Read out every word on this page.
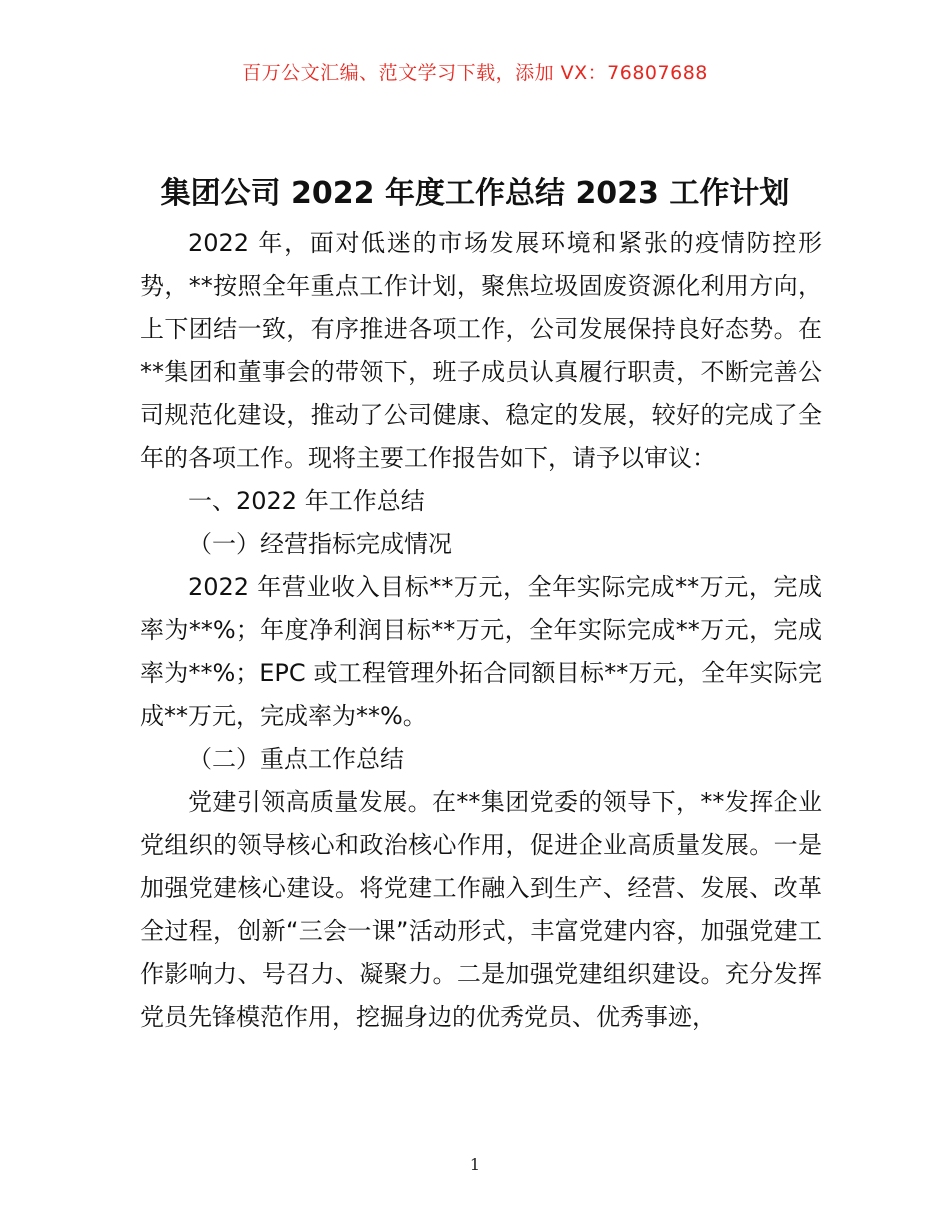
百万公文汇编、范文学习下载，添加 VX：76807688
集团公司 2022 年度工作总结 2023 工作计划

2022 年，面对低迷的市场发展环境和紧张的疫情防控形势，**按照全年重点工作计划，聚焦垃圾固废资源化利用方向，上下团结一致，有序推进各项工作，公司发展保持良好态势。在**集团和董事会的带领下，班子成员认真履行职责，不断完善公司规范化建设，推动了公司健康、稳定的发展，较好的完成了全年的各项工作。现将主要工作报告如下，请予以审议：

一、2022 年工作总结

（一）经营指标完成情况

2022 年营业收入目标**万元，全年实际完成**万元，完成率为**%；年度净利润目标**万元，全年实际完成**万元，完成率为**%；EPC 或工程管理外拓合同额目标**万元，全年实际完成**万元，完成率为**%。

（二）重点工作总结

党建引领高质量发展。在**集团党委的领导下，**发挥企业党组织的领导核心和政治核心作用，促进企业高质量发展。一是加强党建核心建设。将党建工作融入到生产、经营、发展、改革全过程，创新“三会一课”活动形式，丰富党建内容，加强党建工作影响力、号召力、凝聚力。二是加强党建组织建设。充分发挥党员先锋模范作用，挖掘身边的优秀党员、优秀事迹，

1
